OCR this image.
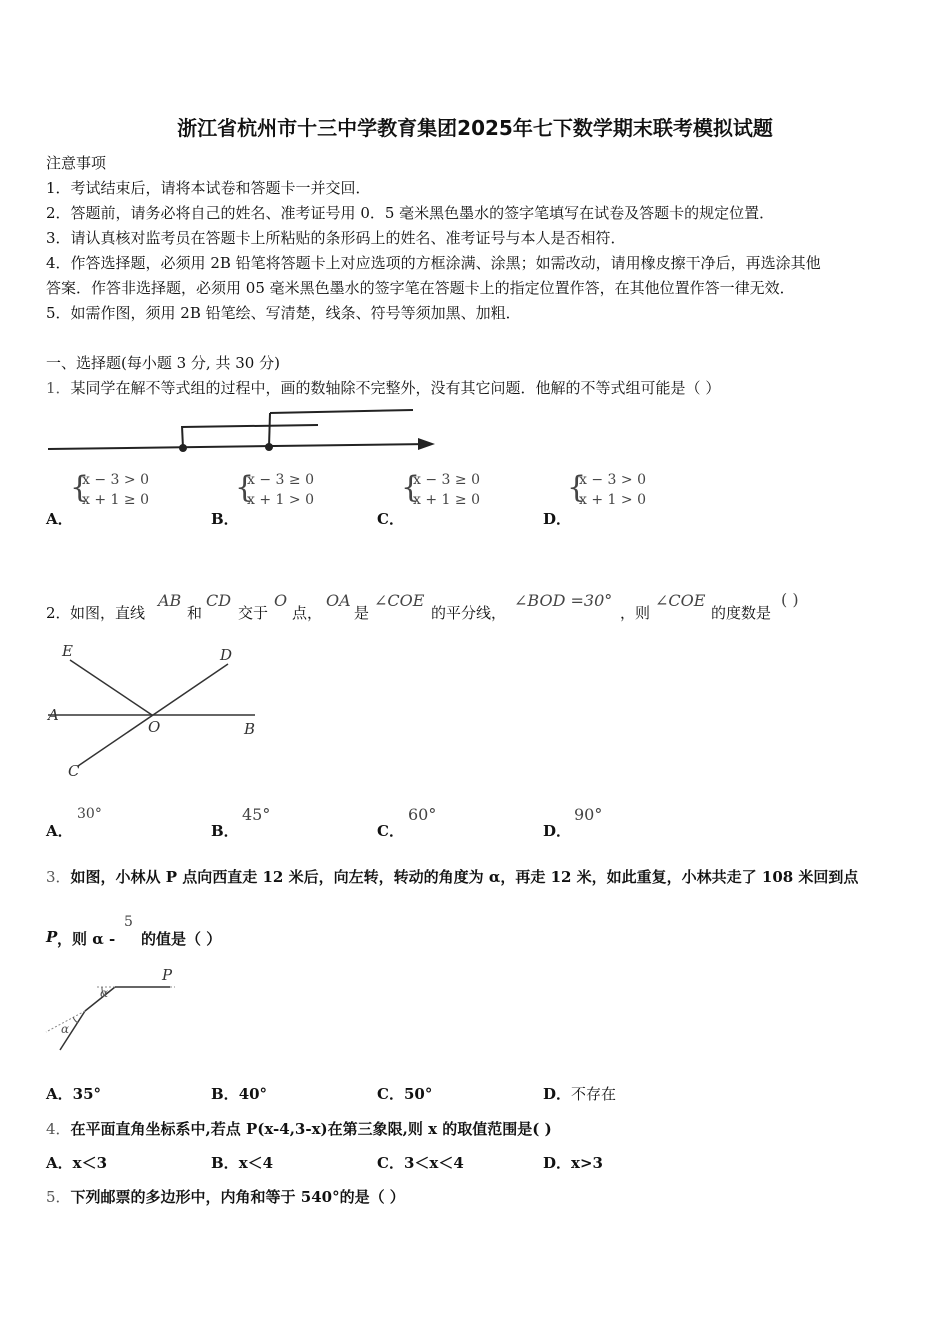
浙江省杭州市十三中学教育集团2025年七下数学期末联考模拟试题
注意事项
1．考试结束后，请将本试卷和答题卡一并交回．
2．答题前，请务必将自己的姓名、准考证号用 0．5 毫米黑色墨水的签字笔填写在试卷及答题卡的规定位置．
3．请认真核对监考员在答题卡上所粘贴的条形码上的姓名、准考证号与本人是否相符．
4．作答选择题，必须用 2B 铅笔将答题卡上对应选项的方框涂满、涂黑；如需改动，请用橡皮擦干净后，再选涂其他
答案．作答非选择题，必须用 05 毫米黑色墨水的签字笔在答题卡上的指定位置作答，在其他位置作答一律无效．
5．如需作图，须用 2B 铅笔绘、写清楚，线条、符号等须加黑、加粗．
一、选择题(每小题 3 分, 共 30 分)
1．某同学在解不等式组的过程中，画的数轴除不完整外，没有其它问题．他解的不等式组可能是（ ）
{
x − 3 > 0
x + 1 ≥ 0
A．
{
x − 3 ≥ 0
x + 1 > 0
B．
{
x − 3 ≥ 0
x + 1 ≥ 0
C．
{
x − 3 > 0
x + 1 > 0
D．
2． 如图，直线
AB
和
CD
交于
O
点，
OA
是
∠COE
的平分线，
∠BOD =30°
，则
∠COE
的度数是
( )
E	D
A
O	B
C
A．
30°
B．
45°
C．
60°
D．
90°
3．如图，小林从 P 点向西直走 12 米后，向左转，转动的角度为 α，再走 12 米，如此重复，小林共走了 108 米回到点
P ，则 α -
5
的值是（ ）
P
α
α
A．35°	B．40°	C．50°	D．不存在
4．在平面直角坐标系中,若点 P(x-4,3-x)在第三象限,则 x 的取值范围是( )
A．x＜3	B．x＜4	C．3＜x＜4	D．x>3
5．下列邮票的多边形中，内角和等于 540°的是（ ）
